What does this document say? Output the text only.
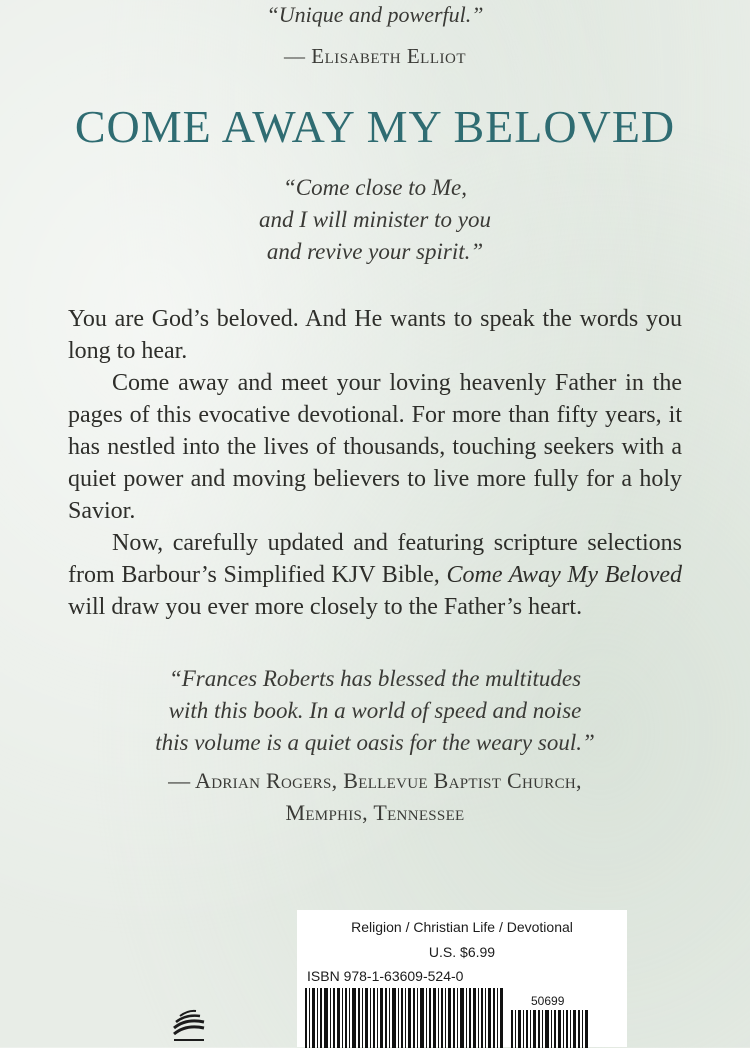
“Unique and powerful.”
— Elisabeth Elliot
COME AWAY MY BELOVED
“Come close to Me,
and I will minister to you
and revive your spirit.”

You are God’s beloved. And He wants to speak the words you long to hear.

Come away and meet your loving heavenly Father in the pages of this evocative devotional. For more than fifty years, it has nestled into the lives of thousands, touching seekers with a quiet power and moving believers to live more fully for a holy Savior.

Now, carefully updated and featuring scripture selections from Barbour’s Simplified KJV Bible, Come Away My Beloved will draw you ever more closely to the Father’s heart.

“Frances Roberts has blessed the multitudes
with this book. In a world of speed and noise
this volume is a quiet oasis for the weary soul.”
— Adrian Rogers, Bellevue Baptist Church,
Memphis, Tennessee
Religion / Christian Life / Devotional
U.S. $6.99
ISBN 978-1-63609-524-0
50699
